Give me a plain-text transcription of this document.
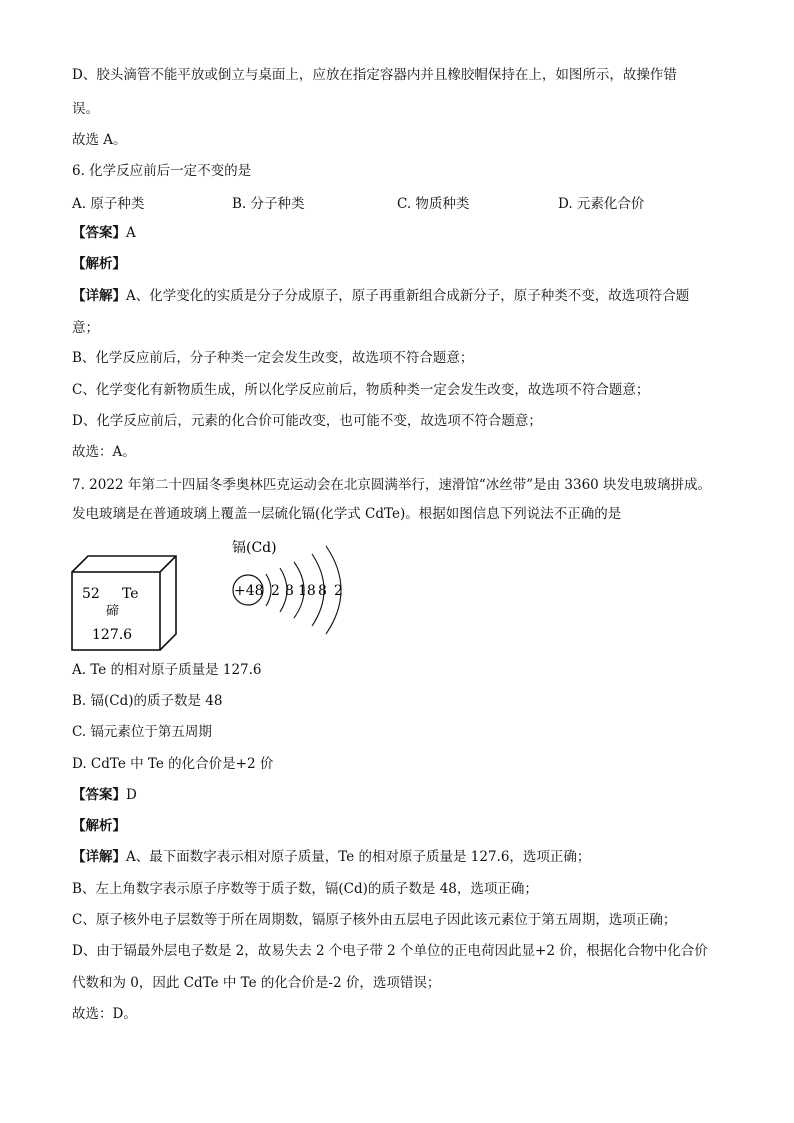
D、胶头滴管不能平放或倒立与桌面上，应放在指定容器内并且橡胶帽保持在上，如图所示，故操作错
误。
故选 A。
6. 化学反应前后一定不变的是
A. 原子种类	B. 分子种类	C. 物质种类	D. 元素化合价
【答案】A
【解析】
【详解】A、化学变化的实质是分子分成原子，原子再重新组合成新分子，原子种类不变，故选项符合题
意；
B、化学反应前后，分子种类一定会发生改变，故选项不符合题意；
C、化学变化有新物质生成，所以化学反应前后，物质种类一定会发生改变，故选项不符合题意；
D、化学反应前后，元素的化合价可能改变，也可能不变，故选项不符合题意；
故选：A。
7. 2022 年第二十四届冬季奥林匹克运动会在北京圆满举行，速滑馆“冰丝带”是由 3360 块发电玻璃拼成。
发电玻璃是在普通玻璃上覆盖一层硫化镉(化学式 CdTe)。根据如图信息下列说法不正确的是
52 Te
碲
127.6
镉(Cd)
+48 2 8 18 8 2
A. Te 的相对原子质量是 127.6
B. 镉(Cd)的质子数是 48
C. 镉元素位于第五周期
D. CdTe 中 Te 的化合价是+2 价
【答案】D
【解析】
【详解】A、最下面数字表示相对原子质量，Te 的相对原子质量是 127.6，选项正确；
B、左上角数字表示原子序数等于质子数，镉(Cd)的质子数是 48，选项正确；
C、原子核外电子层数等于所在周期数，镉原子核外由五层电子因此该元素位于第五周期，选项正确；
D、由于镉最外层电子数是 2，故易失去 2 个电子带 2 个单位的正电荷因此显+2 价，根据化合物中化合价
代数和为 0，因此 CdTe 中 Te 的化合价是-2 价，选项错误；
故选：D。
